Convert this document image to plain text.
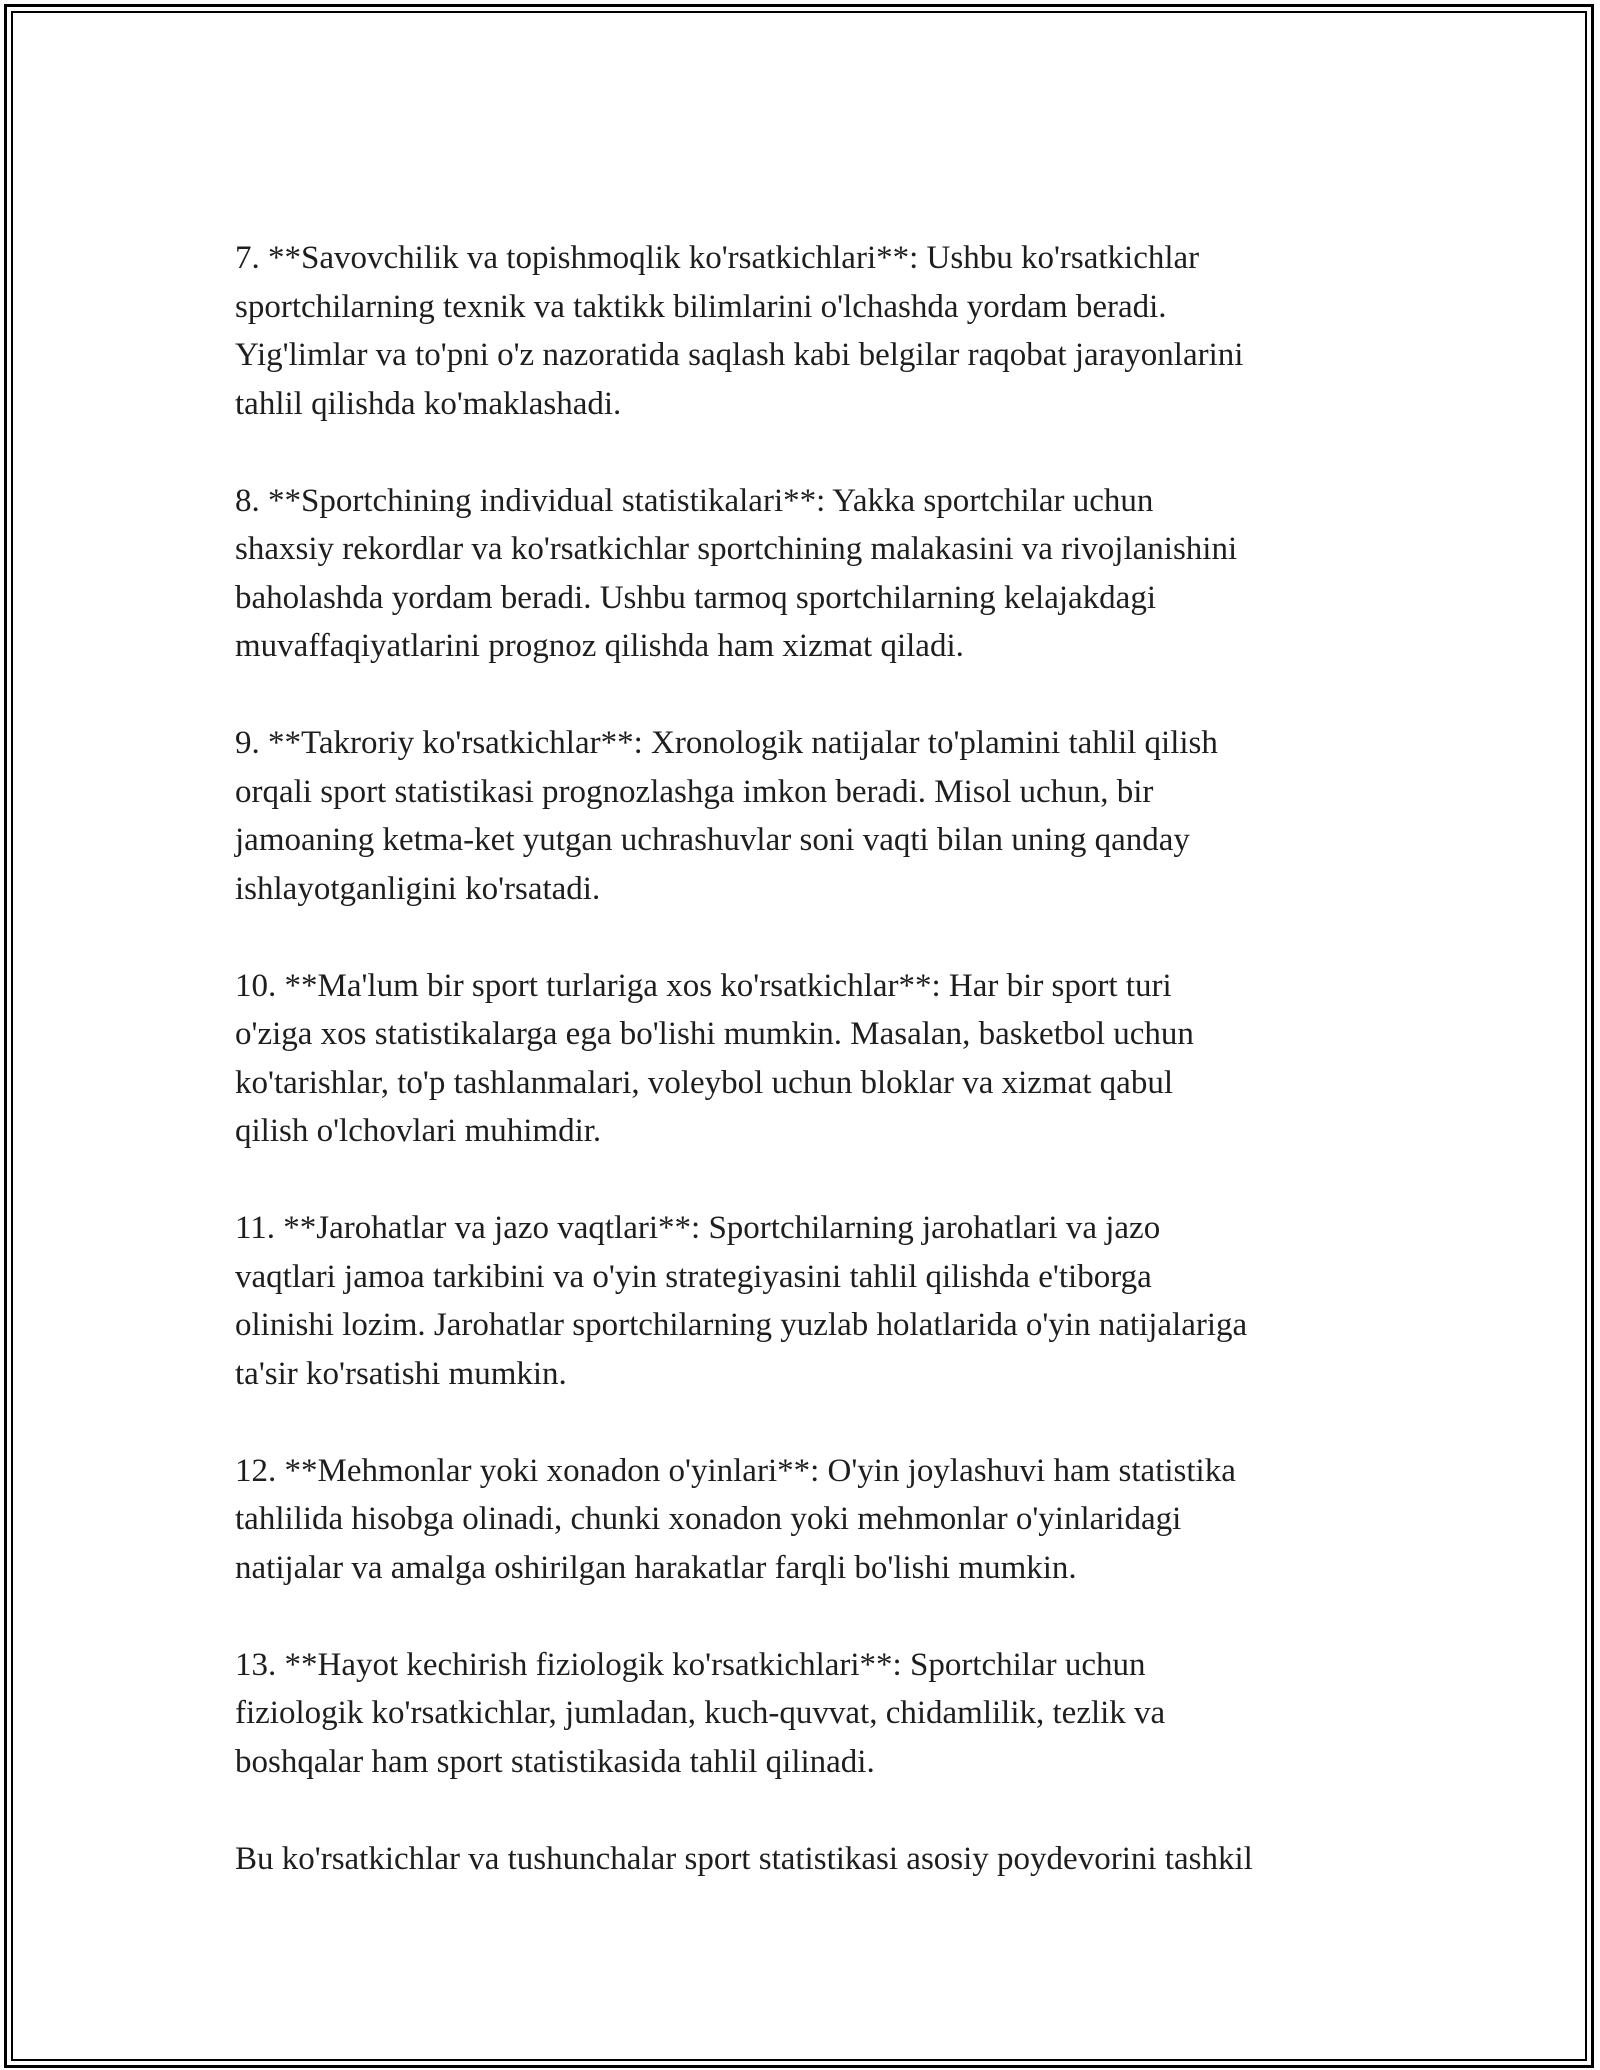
7. **Savovchilik va topishmoqlik ko'rsatkichlari**: Ushbu ko'rsatkichlar
sportchilarning texnik va taktikk bilimlarini o'lchashda yordam beradi.
Yig'limlar va to'pni o'z nazoratida saqlash kabi belgilar raqobat jarayonlarini
tahlil qilishda ko'maklashadi.

8. **Sportchining individual statistikalari**: Yakka sportchilar uchun
shaxsiy rekordlar va ko'rsatkichlar sportchining malakasini va rivojlanishini
baholashda yordam beradi. Ushbu tarmoq sportchilarning kelajakdagi
muvaffaqiyatlarini prognoz qilishda ham xizmat qiladi.

9. **Takroriy ko'rsatkichlar**: Xronologik natijalar to'plamini tahlil qilish
orqali sport statistikasi prognozlashga imkon beradi. Misol uchun, bir
jamoaning ketma-ket yutgan uchrashuvlar soni vaqti bilan uning qanday
ishlayotganligini ko'rsatadi.

10. **Ma'lum bir sport turlariga xos ko'rsatkichlar**: Har bir sport turi
o'ziga xos statistikalarga ega bo'lishi mumkin. Masalan, basketbol uchun
ko'tarishlar, to'p tashlanmalari, voleybol uchun bloklar va xizmat qabul
qilish o'lchovlari muhimdir.

11. **Jarohatlar va jazo vaqtlari**: Sportchilarning jarohatlari va jazo
vaqtlari jamoa tarkibini va o'yin strategiyasini tahlil qilishda e'tiborga
olinishi lozim. Jarohatlar sportchilarning yuzlab holatlarida o'yin natijalariga
ta'sir ko'rsatishi mumkin.

12. **Mehmonlar yoki xonadon o'yinlari**: O'yin joylashuvi ham statistika
tahlilida hisobga olinadi, chunki xonadon yoki mehmonlar o'yinlaridagi
natijalar va amalga oshirilgan harakatlar farqli bo'lishi mumkin.

13. **Hayot kechirish fiziologik ko'rsatkichlari**: Sportchilar uchun
fiziologik ko'rsatkichlar, jumladan, kuch-quvvat, chidamlilik, tezlik va
boshqalar ham sport statistikasida tahlil qilinadi.

Bu ko'rsatkichlar va tushunchalar sport statistikasi asosiy poydevorini tashkil
